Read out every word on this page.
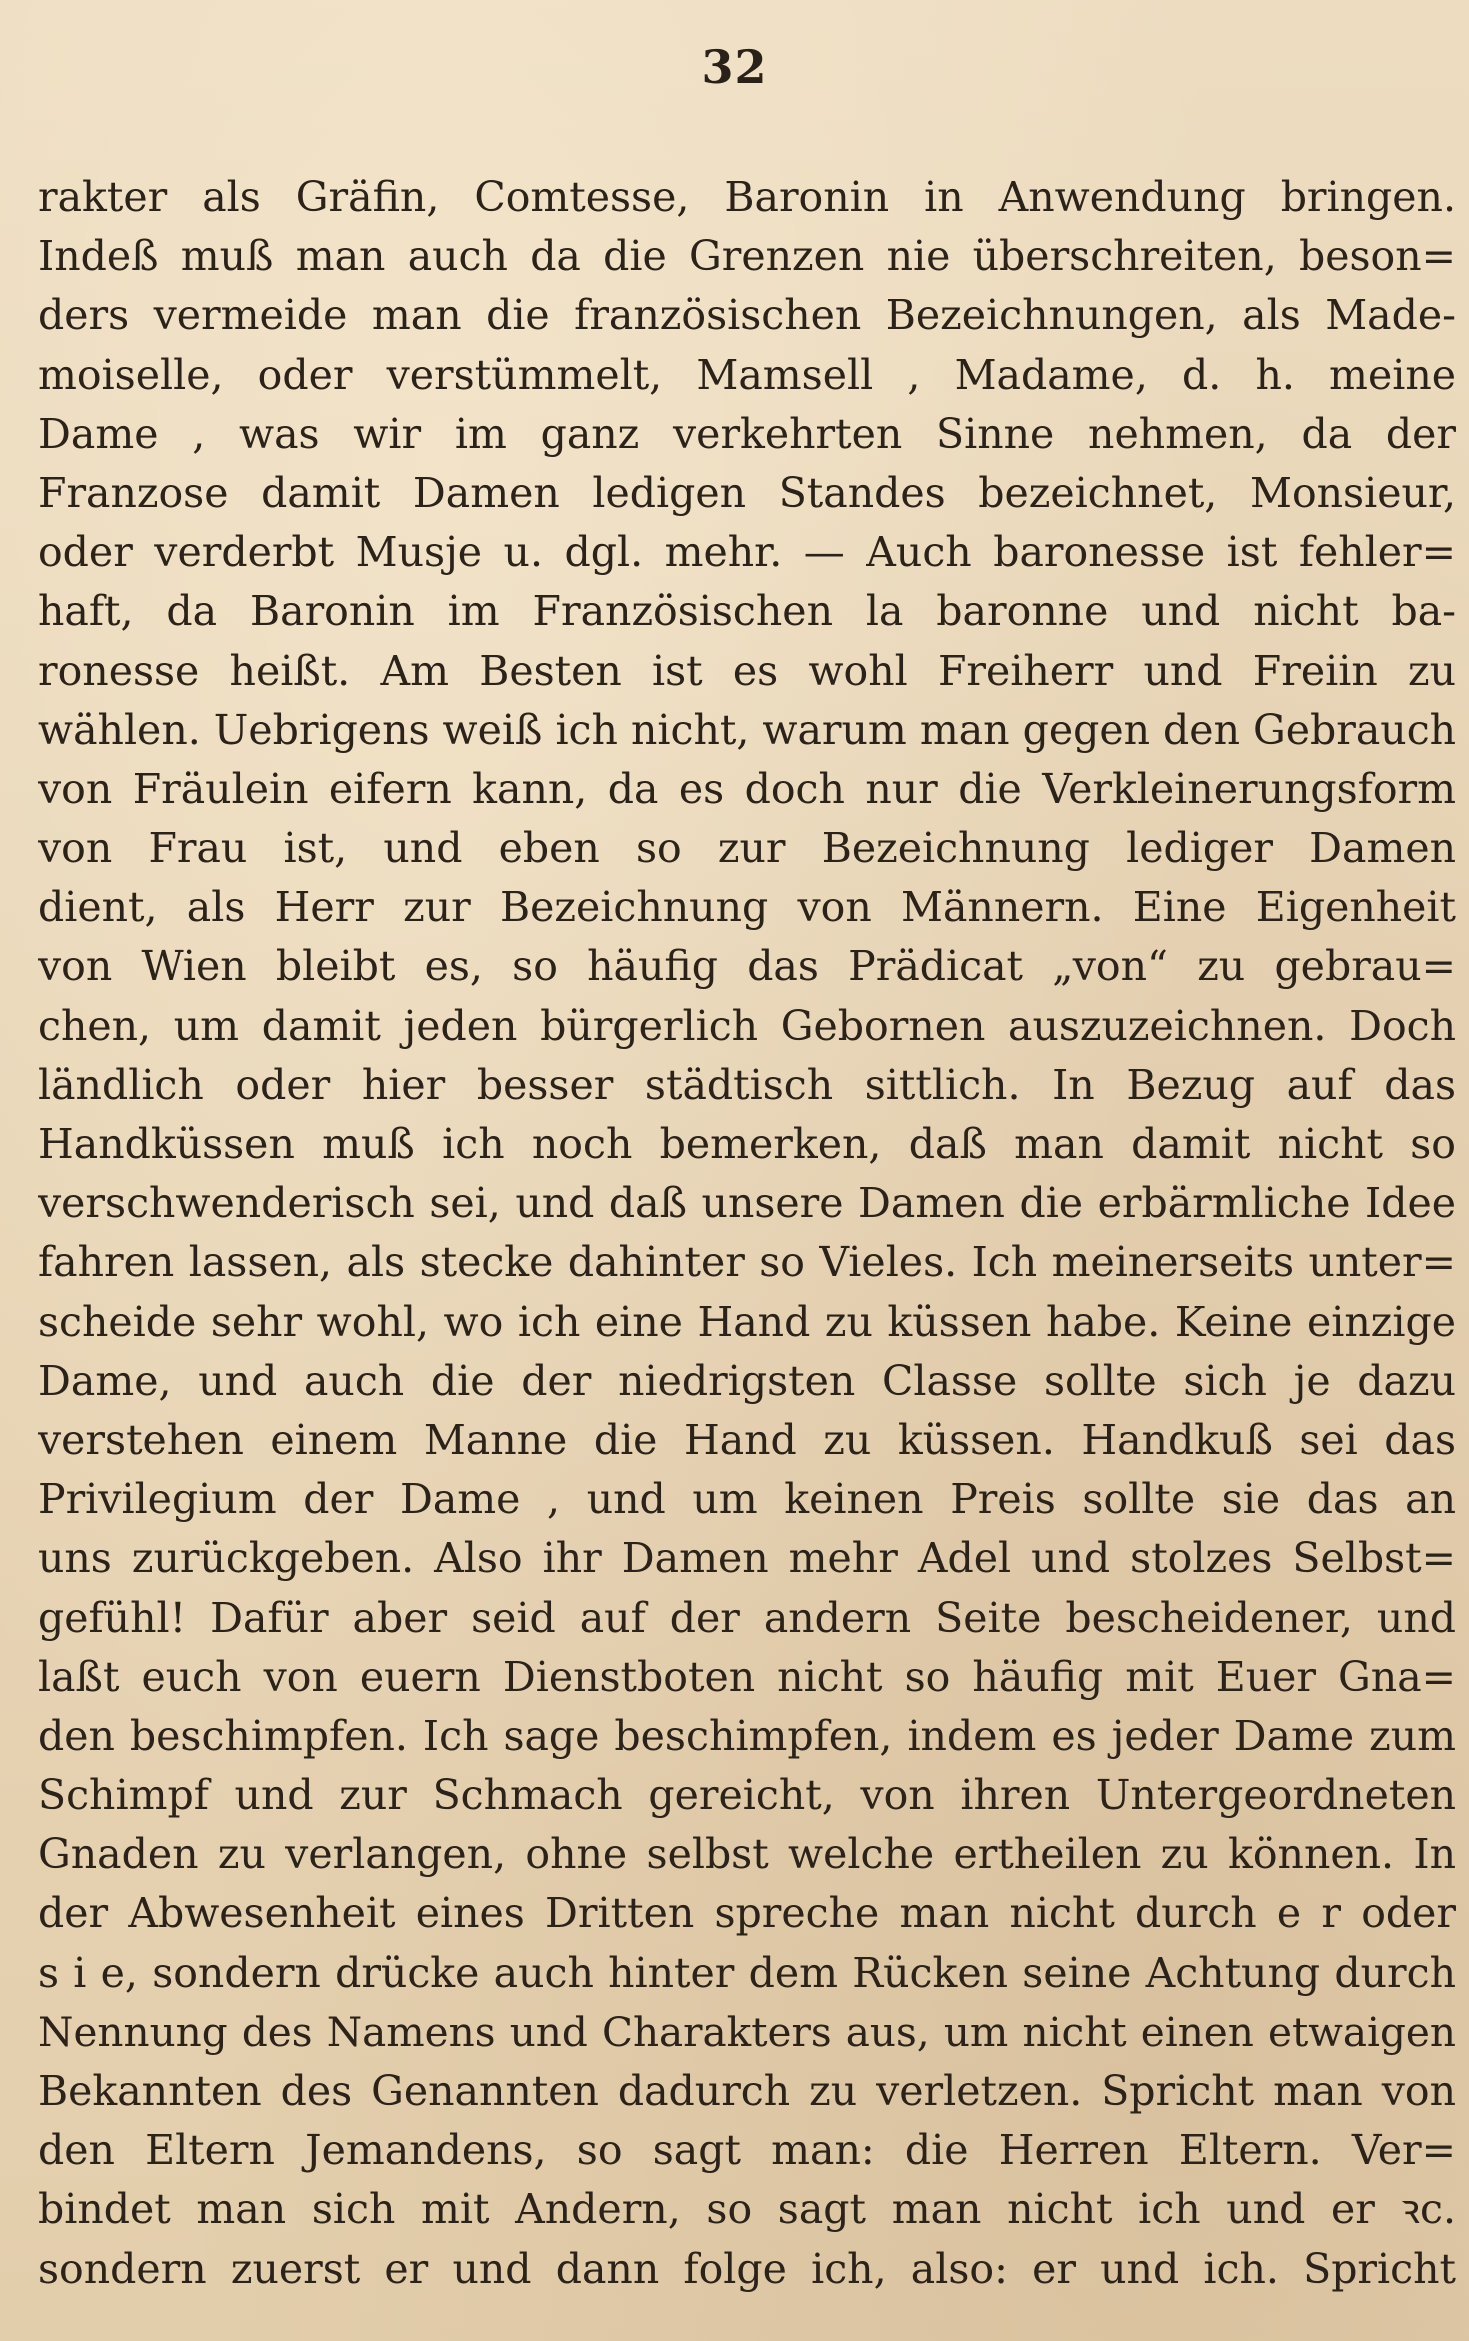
32
rakter als Gräfin, Comtesse, Baronin in Anwendung bringen.
Indeß muß man auch da die Grenzen nie überschreiten, beson=
ders vermeide man die französischen Bezeichnungen, als Made-
moiselle, oder verstümmelt, Mamsell , Madame, d. h. meine
Dame , was wir im ganz verkehrten Sinne nehmen, da der
Franzose damit Damen ledigen Standes bezeichnet, Monsieur,
oder verderbt Musje u. dgl. mehr. — Auch baronesse ist fehler=
haft, da Baronin im Französischen la baronne und nicht ba-
ronesse heißt. Am Besten ist es wohl Freiherr und Freiin zu
wählen. Uebrigens weiß ich nicht, warum man gegen den Gebrauch
von Fräulein eifern kann, da es doch nur die Verkleinerungsform
von Frau ist, und eben so zur Bezeichnung lediger Damen
dient, als Herr zur Bezeichnung von Männern. Eine Eigenheit
von Wien bleibt es, so häufig das Prädicat „von“ zu gebrau=
chen, um damit jeden bürgerlich Gebornen auszuzeichnen. Doch
ländlich oder hier besser städtisch sittlich. In Bezug auf das
Handküssen muß ich noch bemerken, daß man damit nicht so
verschwenderisch sei, und daß unsere Damen die erbärmliche Idee
fahren lassen, als stecke dahinter so Vieles. Ich meinerseits unter=
scheide sehr wohl, wo ich eine Hand zu küssen habe. Keine einzige
Dame, und auch die der niedrigsten Classe sollte sich je dazu
verstehen einem Manne die Hand zu küssen. Handkuß sei das
Privilegium der Dame , und um keinen Preis sollte sie das an
uns zurückgeben. Also ihr Damen mehr Adel und stolzes Selbst=
gefühl! Dafür aber seid auf der andern Seite bescheidener, und
laßt euch von euern Dienstboten nicht so häufig mit Euer Gna=
den beschimpfen. Ich sage beschimpfen, indem es jeder Dame zum
Schimpf und zur Schmach gereicht, von ihren Untergeordneten
Gnaden zu verlangen, ohne selbst welche ertheilen zu können. In
der Abwesenheit eines Dritten spreche man nicht durch e r oder
s i e, sondern drücke auch hinter dem Rücken seine Achtung durch
Nennung des Namens und Charakters aus, um nicht einen etwaigen
Bekannten des Genannten dadurch zu verletzen. Spricht man von
den Eltern Jemandens, so sagt man: die Herren Eltern. Ver=
bindet man sich mit Andern, so sagt man nicht ich und er ꝛc.
sondern zuerst er und dann folge ich, also: er und ich. Spricht
